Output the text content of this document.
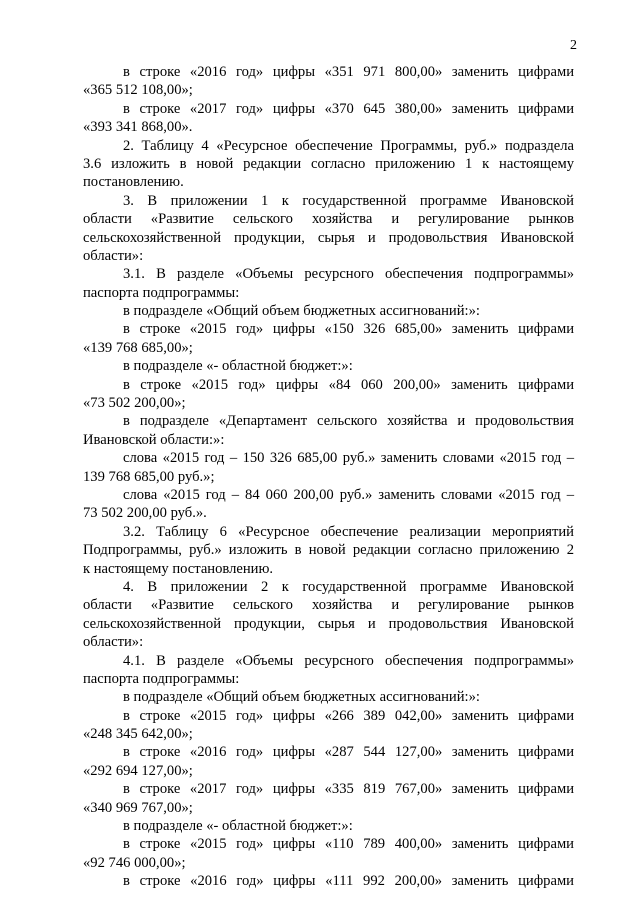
2
в строке «2016 год» цифры «351 971 800,00» заменить цифрами
«365 512 108,00»;
в строке «2017 год» цифры «370 645 380,00» заменить цифрами
«393 341 868,00».
2. Таблицу 4 «Ресурсное обеспечение Программы, руб.» подраздела
3.6 изложить в новой редакции согласно приложению 1 к настоящему
постановлению.
3. В приложении 1 к государственной программе Ивановской
области «Развитие сельского хозяйства и регулирование рынков
сельскохозяйственной продукции, сырья и продовольствия Ивановской
области»:
3.1. В разделе «Объемы ресурсного обеспечения подпрограммы»
паспорта подпрограммы:
в подразделе «Общий объем бюджетных ассигнований:»:
в строке «2015 год» цифры «150 326 685,00» заменить цифрами
«139 768 685,00»;
в подразделе «- областной бюджет:»:
в строке «2015 год» цифры «84 060 200,00» заменить цифрами
«73 502 200,00»;
в подразделе «Департамент сельского хозяйства и продовольствия
Ивановской области:»:
слова «2015 год – 150 326 685,00 руб.» заменить словами «2015 год –
139 768 685,00 руб.»;
слова «2015 год – 84 060 200,00 руб.» заменить словами «2015 год –
73 502 200,00 руб.».
3.2. Таблицу 6 «Ресурсное обеспечение реализации мероприятий
Подпрограммы, руб.» изложить в новой редакции согласно приложению 2
к настоящему постановлению.
4. В приложении 2 к государственной программе Ивановской
области «Развитие сельского хозяйства и регулирование рынков
сельскохозяйственной продукции, сырья и продовольствия Ивановской
области»:
4.1. В разделе «Объемы ресурсного обеспечения подпрограммы»
паспорта подпрограммы:
в подразделе «Общий объем бюджетных ассигнований:»:
в строке «2015 год» цифры «266 389 042,00» заменить цифрами
«248 345 642,00»;
в строке «2016 год» цифры «287 544 127,00» заменить цифрами
«292 694 127,00»;
в строке «2017 год» цифры «335 819 767,00» заменить цифрами
«340 969 767,00»;
в подразделе «- областной бюджет:»:
в строке «2015 год» цифры «110 789 400,00» заменить цифрами
«92 746 000,00»;
в строке «2016 год» цифры «111 992 200,00» заменить цифрами
